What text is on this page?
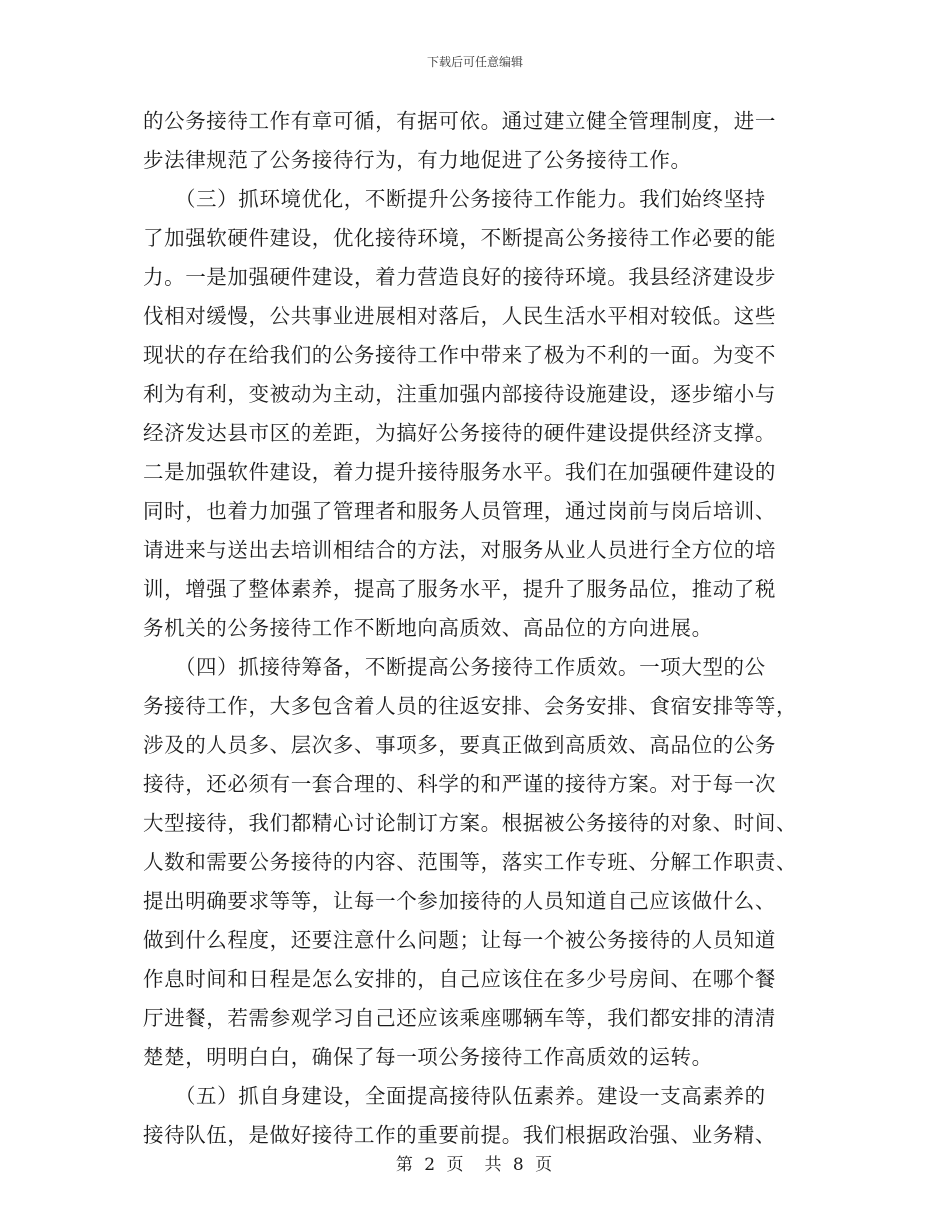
下载后可任意编辑
的公务接待工作有章可循，有据可依。通过建立健全管理制度，进一
步法律规范了公务接待行为，有力地促进了公务接待工作。
　　（三）抓环境优化，不断提升公务接待工作能力。我们始终坚持
了加强软硬件建设，优化接待环境，不断提高公务接待工作必要的能
力。一是加强硬件建设，着力营造良好的接待环境。我县经济建设步
伐相对缓慢，公共事业进展相对落后，人民生活水平相对较低。这些
现状的存在给我们的公务接待工作中带来了极为不利的一面。为变不
利为有利，变被动为主动，注重加强内部接待设施建设，逐步缩小与
经济发达县市区的差距，为搞好公务接待的硬件建设提供经济支撑。
二是加强软件建设，着力提升接待服务水平。我们在加强硬件建设的
同时，也着力加强了管理者和服务人员管理，通过岗前与岗后培训、
请进来与送出去培训相结合的方法，对服务从业人员进行全方位的培
训，增强了整体素养，提高了服务水平，提升了服务品位，推动了税
务机关的公务接待工作不断地向高质效、高品位的方向进展。
　　（四）抓接待筹备，不断提高公务接待工作质效。一项大型的公
务接待工作，大多包含着人员的往返安排、会务安排、食宿安排等等，
涉及的人员多、层次多、事项多，要真正做到高质效、高品位的公务
接待，还必须有一套合理的、科学的和严谨的接待方案。对于每一次
大型接待，我们都精心讨论制订方案。根据被公务接待的对象、时间、
人数和需要公务接待的内容、范围等，落实工作专班、分解工作职责、
提出明确要求等等，让每一个参加接待的人员知道自己应该做什么、
做到什么程度，还要注意什么问题；让每一个被公务接待的人员知道
作息时间和日程是怎么安排的，自己应该住在多少号房间、在哪个餐
厅进餐，若需参观学习自己还应该乘座哪辆车等，我们都安排的清清
楚楚，明明白白，确保了每一项公务接待工作高质效的运转。
　　（五）抓自身建设，全面提高接待队伍素养。建设一支高素养的
接待队伍，是做好接待工作的重要前提。我们根据政治强、业务精、
第 2 页　共 8 页
